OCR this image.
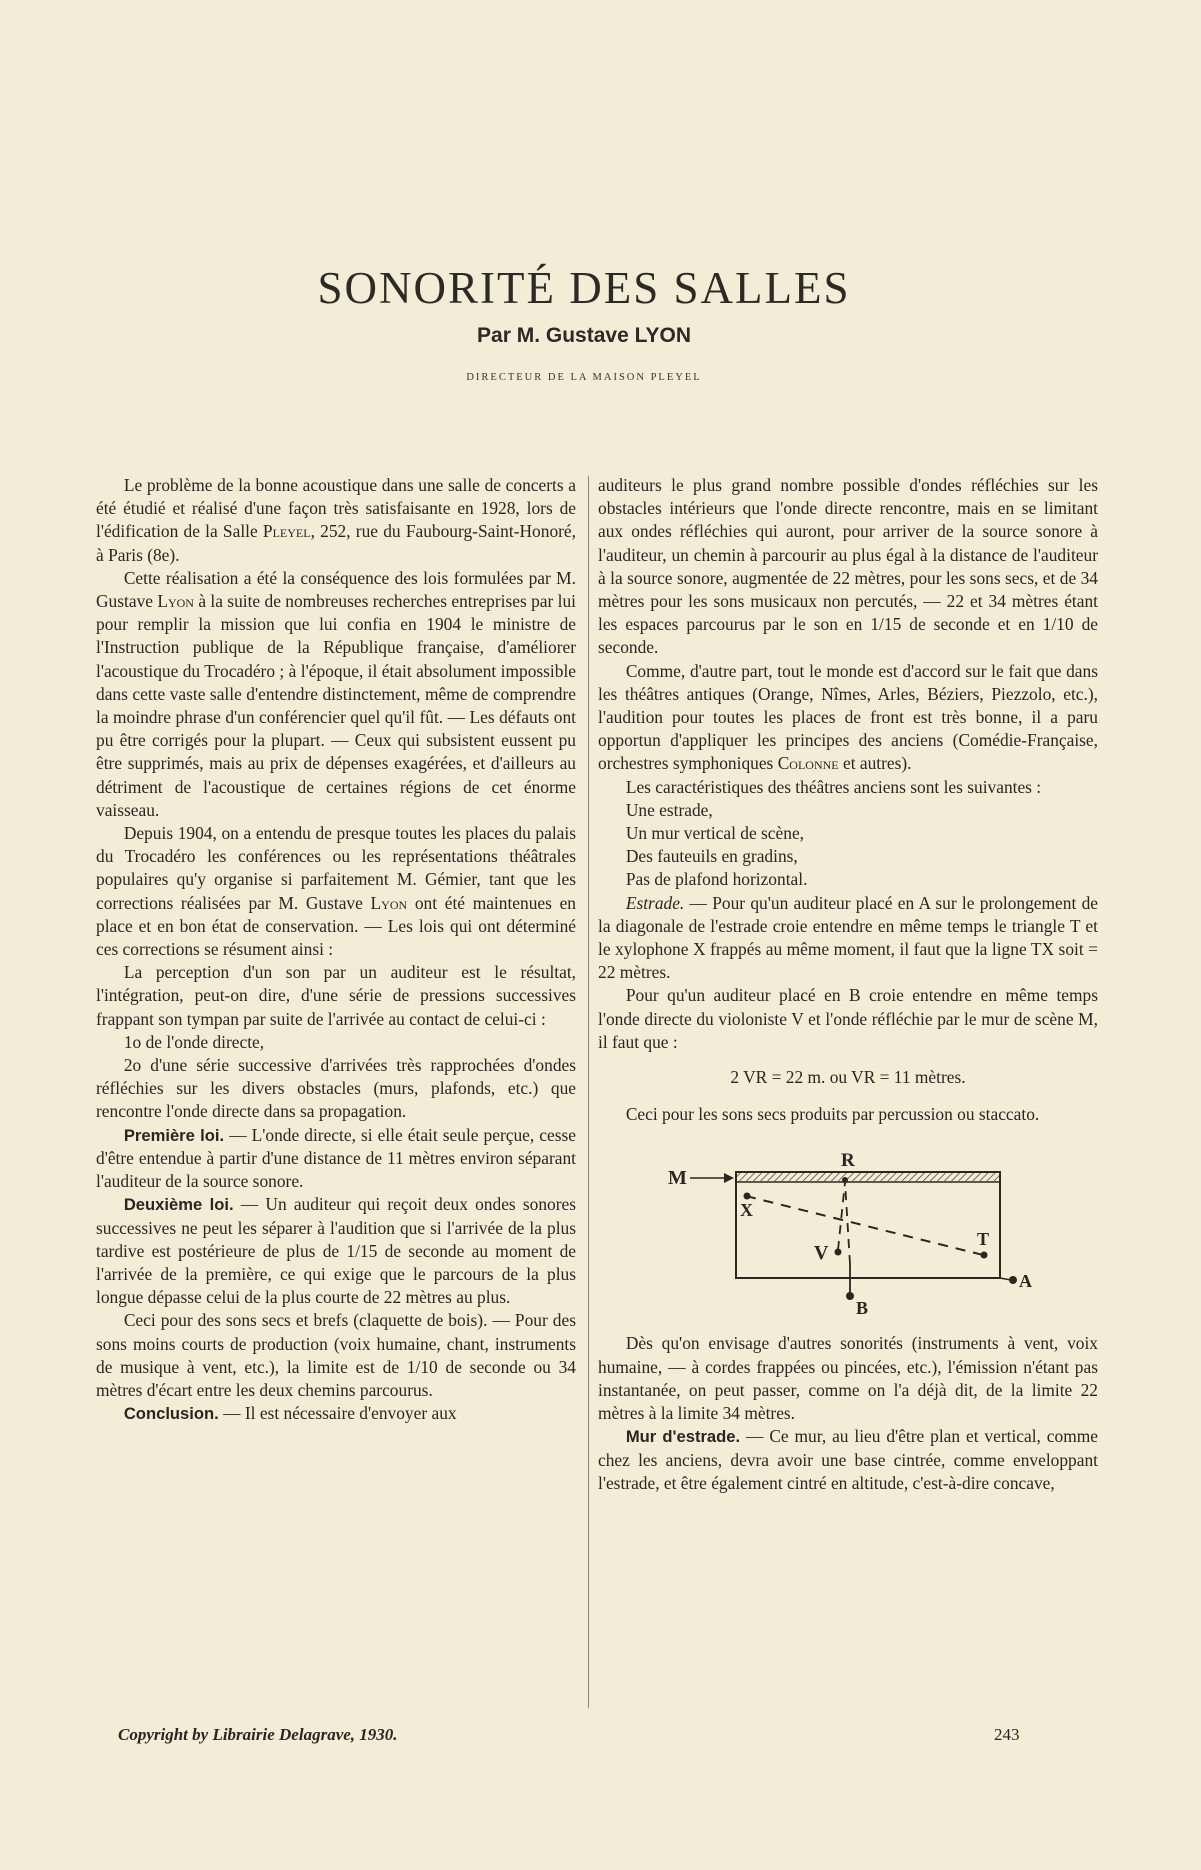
SONORITÉ DES SALLES
Par M. Gustave LYON
DIRECTEUR DE LA MAISON PLEYEL

Le problème de la bonne acoustique dans une salle de concerts a été étudié et réalisé d'une façon très satisfaisante en 1928, lors de l'édification de la Salle Pleyel, 252, rue du Faubourg-Saint-Honoré, à Paris (8e).

Cette réalisation a été la conséquence des lois formulées par M. Gustave Lyon à la suite de nombreuses recherches entreprises par lui pour remplir la mission que lui confia en 1904 le ministre de l'Instruction publique de la République française, d'améliorer l'acoustique du Trocadéro ; à l'époque, il était absolument impossible dans cette vaste salle d'entendre distinctement, même de comprendre la moindre phrase d'un conférencier quel qu'il fût. — Les défauts ont pu être corrigés pour la plupart. — Ceux qui subsistent eussent pu être supprimés, mais au prix de dépenses exagérées, et d'ailleurs au détriment de l'acoustique de certaines régions de cet énorme vaisseau.

Depuis 1904, on a entendu de presque toutes les places du palais du Trocadéro les conférences ou les représentations théâtrales populaires qu'y organise si parfaitement M. Gémier, tant que les corrections réalisées par M. Gustave Lyon ont été maintenues en place et en bon état de conservation. — Les lois qui ont déterminé ces corrections se résument ainsi :

La perception d'un son par un auditeur est le résultat, l'intégration, peut-on dire, d'une série de pressions successives frappant son tympan par suite de l'arrivée au contact de celui-ci :

1o de l'onde directe,

2o d'une série successive d'arrivées très rapprochées d'ondes réfléchies sur les divers obstacles (murs, plafonds, etc.) que rencontre l'onde directe dans sa propagation.

Première loi. — L'onde directe, si elle était seule perçue, cesse d'être entendue à partir d'une distance de 11 mètres environ séparant l'auditeur de la source sonore.

Deuxième loi. — Un auditeur qui reçoit deux ondes sonores successives ne peut les séparer à l'audition que si l'arrivée de la plus tardive est postérieure de plus de 1/15 de seconde au moment de l'arrivée de la première, ce qui exige que le parcours de la plus longue dépasse celui de la plus courte de 22 mètres au plus.

Ceci pour des sons secs et brefs (claquette de bois). — Pour des sons moins courts de production (voix humaine, chant, instruments de musique à vent, etc.), la limite est de 1/10 de seconde ou 34 mètres d'écart entre les deux chemins parcourus.

Conclusion. — Il est nécessaire d'envoyer aux

auditeurs le plus grand nombre possible d'ondes réfléchies sur les obstacles intérieurs que l'onde directe rencontre, mais en se limitant aux ondes réfléchies qui auront, pour arriver de la source sonore à l'auditeur, un chemin à parcourir au plus égal à la distance de l'auditeur à la source sonore, augmentée de 22 mètres, pour les sons secs, et de 34 mètres pour les sons musicaux non percutés, — 22 et 34 mètres étant les espaces parcourus par le son en 1/15 de seconde et en 1/10 de seconde.

Comme, d'autre part, tout le monde est d'accord sur le fait que dans les théâtres antiques (Orange, Nîmes, Arles, Béziers, Piezzolo, etc.), l'audition pour toutes les places de front est très bonne, il a paru opportun d'appliquer les principes des anciens (Comédie-Française, orchestres symphoniques Colonne et autres).

Les caractéristiques des théâtres anciens sont les suivantes :

Une estrade,

Un mur vertical de scène,

Des fauteuils en gradins,

Pas de plafond horizontal.

Estrade. — Pour qu'un auditeur placé en A sur le prolongement de la diagonale de l'estrade croie entendre en même temps le triangle T et le xylophone X frappés au même moment, il faut que la ligne TX soit = 22 mètres.

Pour qu'un auditeur placé en B croie entendre en même temps l'onde directe du violoniste V et l'onde réfléchie par le mur de scène M, il faut que :

2 VR = 22 m. ou VR = 11 mètres.

Ceci pour les sons secs produits par percussion ou staccato.

R
M
X
V
T
A
B

Dès qu'on envisage d'autres sonorités (instruments à vent, voix humaine, — à cordes frappées ou pincées, etc.), l'émission n'étant pas instantanée, on peut passer, comme on l'a déjà dit, de la limite 22 mètres à la limite 34 mètres.

Mur d'estrade. — Ce mur, au lieu d'être plan et vertical, comme chez les anciens, devra avoir une base cintrée, comme enveloppant l'estrade, et être également cintré en altitude, c'est-à-dire concave,

Copyright by Librairie Delagrave, 1930.	243
